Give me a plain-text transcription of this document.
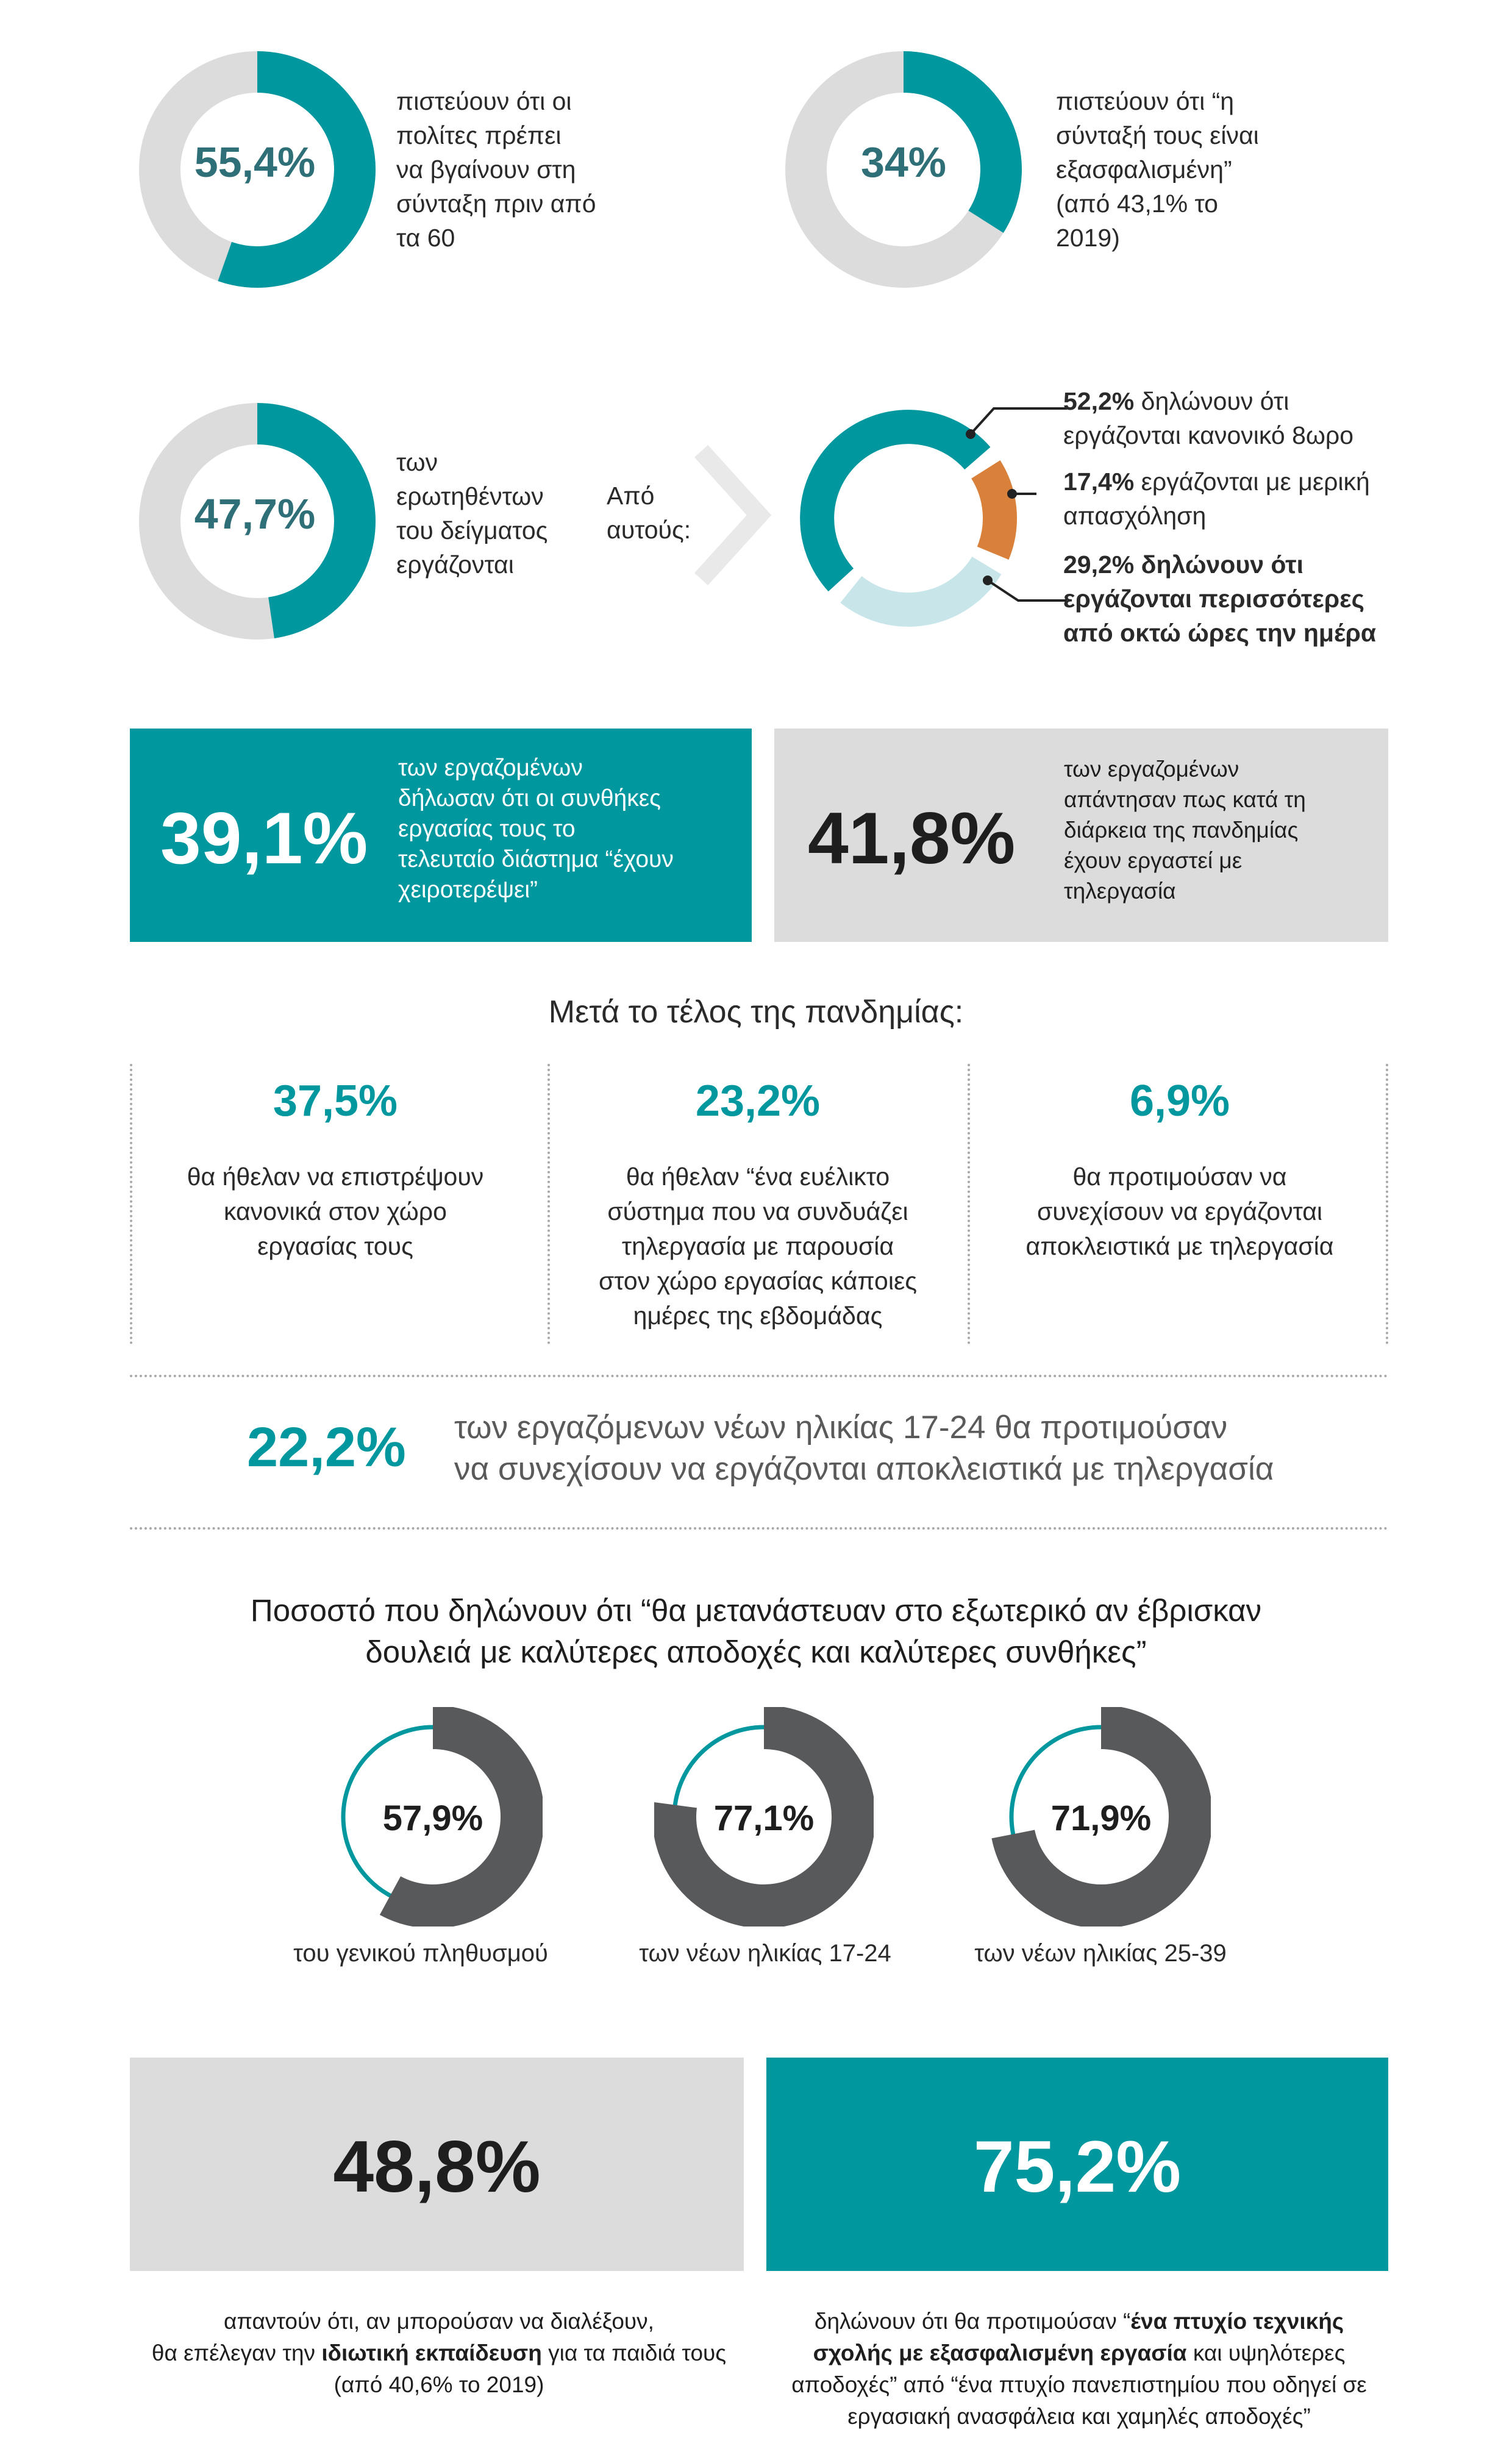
55,4%
πιστεύουν ότι οι
πολίτες πρέπει
να βγαίνουν στη
σύνταξη πριν από
τα 60
34%
πιστεύουν ότι “η
σύνταξή τους είναι
εξασφαλισμένη”
(από 43,1% το
2019)
47,7%
των
ερωτηθέντων
του δείγματος
εργάζονται
Από
αυτούς:
52,2% δηλώνουν ότι
εργάζονται κανονικό 8ωρο
17,4% εργάζονται με μερική
απασχόληση
29,2% δηλώνουν ότι
εργάζονται περισσότερες
από οκτώ ώρες την ημέρα
39,1%
των εργαζομένων
δήλωσαν ότι οι συνθήκες
εργασίας τους το
τελευταίο διάστημα “έχουν
χειροτερέψει”
41,8%
των εργαζομένων
απάντησαν πως κατά τη
διάρκεια της πανδημίας
έχουν εργαστεί με
τηλεργασία
Μετά το τέλος της πανδημίας:
37,5%
θα ήθελαν να επιστρέψουν
κανονικά στον χώρο
εργασίας τους
23,2%
θα ήθελαν “ένα ευέλικτο
σύστημα που να συνδυάζει
τηλεργασία με παρουσία
στον χώρο εργασίας κάποιες
ημέρες της εβδομάδας
6,9%
θα προτιμούσαν να
συνεχίσουν να εργάζονται
αποκλειστικά με τηλεργασία
22,2% των εργαζόμενων νέων ηλικίας 17-24 θα προτιμούσαν
να συνεχίσουν να εργάζονται αποκλειστικά με τηλεργασία
Ποσοστό που δηλώνουν ότι “θα μετανάστευαν στο εξωτερικό αν έβρισκαν
δουλειά με καλύτερες αποδοχές και καλύτερες συνθήκες”
57,9%	77,1%	71,9%
του γενικού πληθυσμού	των νέων ηλικίας 17-24	των νέων ηλικίας 25-39
48,8%	75,2%
απαντούν ότι, αν μπορούσαν να διαλέξουν,
θα επέλεγαν την ιδιωτική εκπαίδευση για τα παιδιά τους
(από 40,6% το 2019)
δηλώνουν ότι θα προτιμούσαν “ένα πτυχίο τεχνικής
σχολής με εξασφαλισμένη εργασία και υψηλότερες
αποδοχές” από “ένα πτυχίο πανεπιστημίου που οδηγεί σε
εργασιακή ανασφάλεια και χαμηλές αποδοχές”
